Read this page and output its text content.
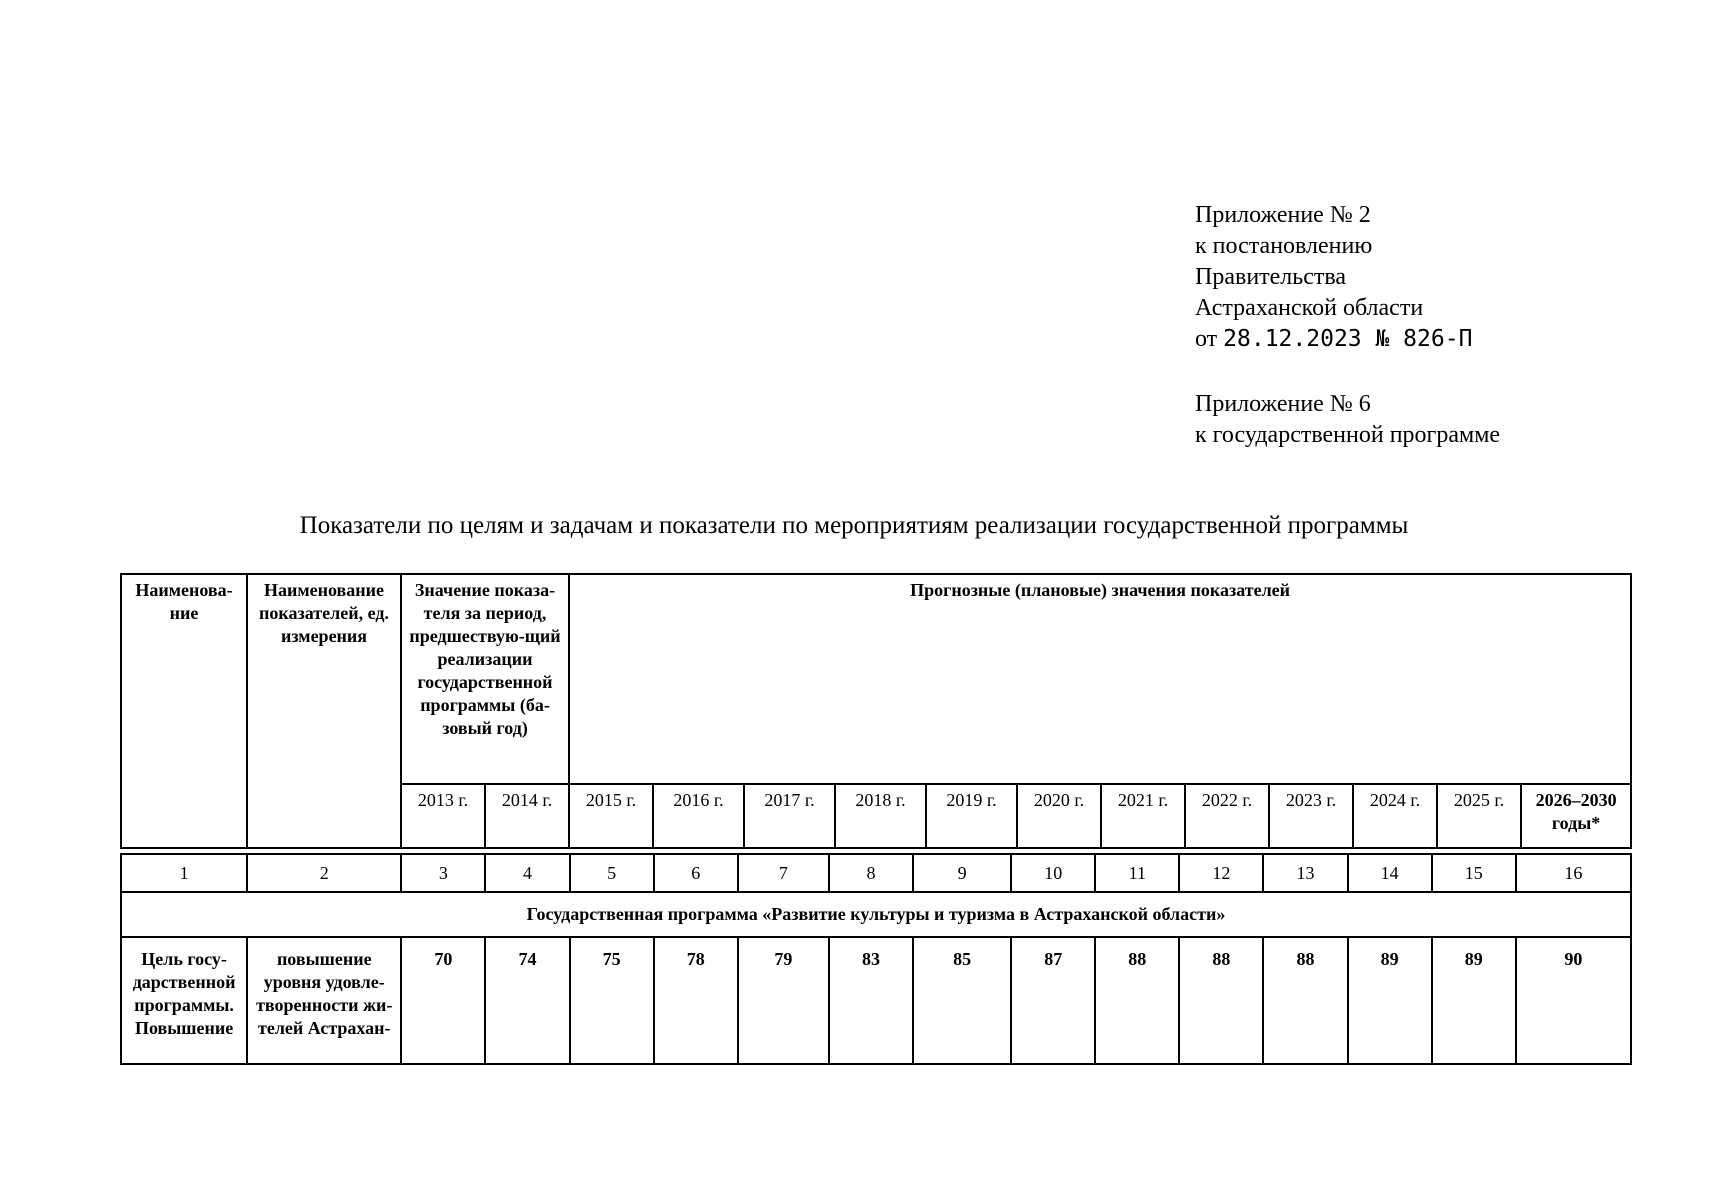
Приложение № 2
к постановлению
Правительства
Астраханской области
от 28.12.2023 № 826-П
Приложение № 6
к государственной программе
Показатели по целям и задачам и показатели по мероприятиям реализации государственной программы
Наименова-ние	Наименование показателей, ед. измерения	Значение показа-теля за период, предшествую-щий реализации государственной программы (ба-зовый год)		Прогнозные (плановые) значения показателей											
		2013 г.	2014 г.	2015 г.	2016 г.	2017 г.	2018 г.	2019 г.	2020 г.	2021 г.	2022 г.	2023 г.	2024 г.	2025 г.	2026–2030 годы*
1	2	3	4	5	6	7	8	9	10	11	12	13	14	15	16
Государственная программа «Развитие культуры и туризма в Астраханской области»															
Цель госу-дарственной программы. Повышение	повышение уровня удовле-творенности жи-телей Астрахан-	70	74	75	78	79	83	85	87	88	88	88	89	89	90
